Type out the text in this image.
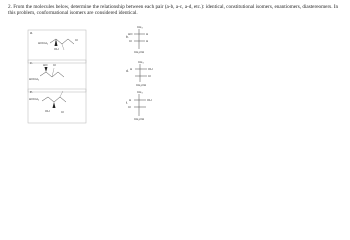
2. From the molecules below, determine the relationship between each pair (a-b, a-c, a-d, etc.): identical, constitutional isomers, enantiomers, diastereomers. In this problem, conformational isomers are considered identical.

a.
HOCH₂
OH
Cl
c.	HO Cl
HOCH₂
e.
HOCH₂
OH	Cl
b.
CH₃
HO	H
Cl
CH₂OH
H
d.
CH₃
H	OH
Cl
CH₂OH
f.
CH₃
H	OH
Cl
CH₂OH
